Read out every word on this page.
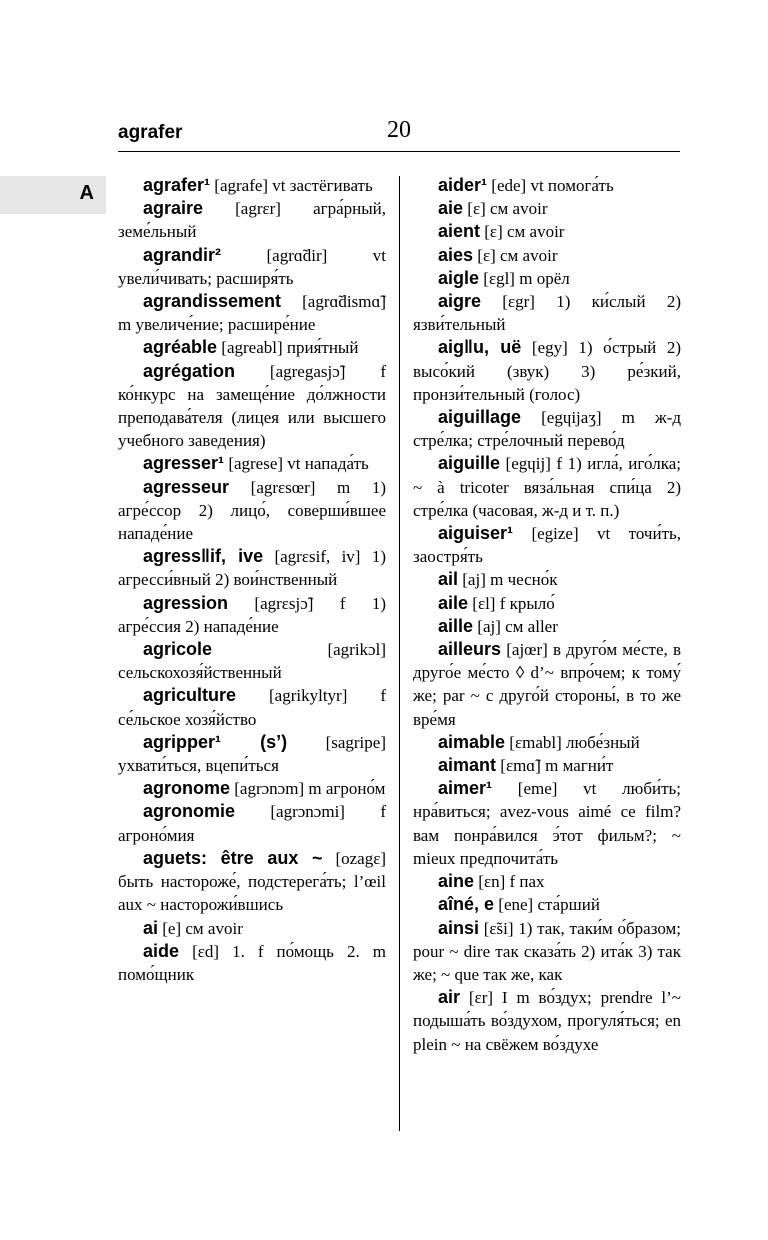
agrafer	20
A	agrafer¹ [agrafe] vt застёгивать
agraire [agrɛr] агра́рный, земе́льный
agrandir² [agrɑ̃dir] vt увели́чивать; расширя́ть
agrandissement [agrɑ̃dismɑ̃] m увеличе́ние; расшире́ние
agréable [agreabl] прия́тный
agrégation [agregasjɔ̃] f ко́нкурс на замеще́ние до́лжности преподава́теля (лицея или высшего учебного заведения)
agresser¹ [agrese] vt напада́ть
agresseur [agrɛsœr] m 1) агре́ссор 2) лицо́, соверши́вшее нападе́ние
agress‖if, ive [agrɛsif, iv] 1) агресси́вный 2) вои́нственный
agression [agrɛsjɔ̃] f 1) агре́ссия 2) нападе́ние
agricole [agrikɔl] сельскохозя́йственный
agriculture [agrikyltyr] f се́льское хозя́йство
agripper¹ (s’) [sagripe] ухвати́ться, вцепи́ться
agronome [agrɔnɔm] m агроно́м
agronomie [agrɔnɔmi] f агроно́мия
aguets: être aux ~ [ozagɛ] быть настороже́, подстерега́ть; l’œil aux ~ насторожи́вшись
ai [e] см avoir
aide [ɛd] 1. f по́мощь 2. m помо́щник
aider¹ [ede] vt помога́ть
aie [ɛ] см avoir
aient [ɛ] см avoir
aies [ɛ] см avoir
aigle [ɛgl] m орёл
aigre [ɛgr] 1) ки́слый 2) язви́тельный
aig‖u, uë [egy] 1) о́стрый 2) высо́кий (звук) 3) ре́зкий, пронзи́тельный (голос)
aiguillage [egɥijaʒ] m ж-д стре́лка; стре́лочный перево́д
aiguille [egɥij] f 1) игла́, иго́лка; ~ à tricoter вяза́льная спи́ца 2) стре́лка (часовая, ж-д и т. п.)
aiguiser¹ [egize] vt точи́ть, заостря́ть
ail [aj] m чесно́к
aile [ɛl] f крыло́
aille [aj] см aller
ailleurs [ajœr] в друго́м ме́сте, в друго́е ме́сто ◊ d’~ впро́чем; к тому́ же; par ~ с друго́й стороны́, в то же вре́мя
aimable [ɛmabl] любе́зный
aimant [ɛmɑ̃] m магни́т
aimer¹ [eme] vt люби́ть; нра́виться; avez-vous aimé ce film? вам понра́вился э́тот фильм?; ~ mieux предпочита́ть
aine [ɛn] f пах
aîné, e [ene] ста́рший
ainsi [ɛ̃si] 1) так, таки́м о́бразом; pour ~ dire так сказа́ть 2) ита́к 3) так же; ~ que так же, как
air [ɛr] I m во́здух; prendre l’~ подыша́ть во́здухом, прогуля́ться; en plein ~ на свёжем во́здухе
